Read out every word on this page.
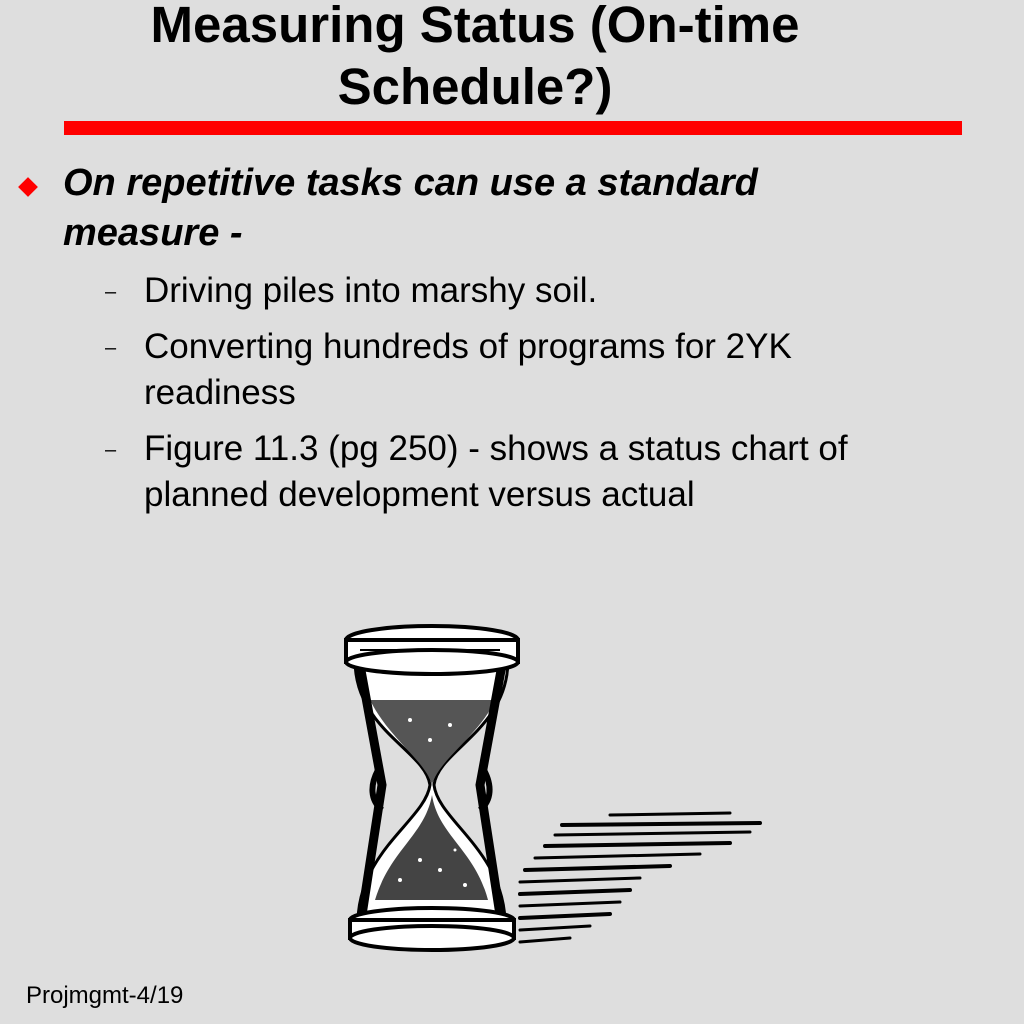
Measuring Status (On-time
Schedule?)
On repetitive tasks can use a standard
measure -
– Driving piles into marshy soil.
– Converting hundreds of programs for 2YK
readiness
– Figure 11.3 (pg 250) - shows a status chart of
planned development versus actual
Projmgmt-4/19
